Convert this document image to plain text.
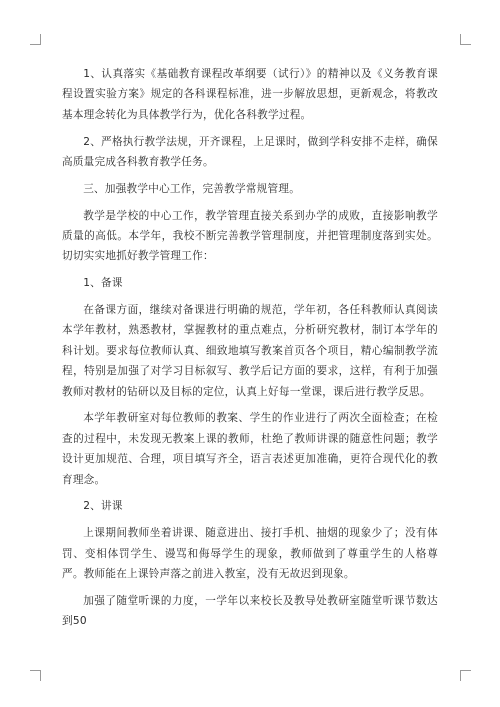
1、认真落实《基础教育课程改革纲要（试行）》的精神以及《义务教育课程设置实验方案》规定的各科课程标准，进一步解放思想，更新观念，将教改基本理念转化为具体教学行为，优化各科教学过程。

2、严格执行教学法规，开齐课程，上足课时，做到学科安排不走样，确保高质量完成各科教育教学任务。

三、加强教学中心工作，完善教学常规管理。

教学是学校的中心工作，教学管理直接关系到办学的成败，直接影响教学质量的高低。本学年，我校不断完善教学管理制度，并把管理制度落到实处。切切实实地抓好教学管理工作：

1、备课

在备课方面，继续对备课进行明确的规范，学年初，各任科教师认真阅读本学年教材，熟悉教材，掌握教材的重点难点，分析研究教材，制订本学年的科计划。要求每位教师认真、细致地填写教案首页各个项目，精心编制教学流程，特别是加强了对学习目标叙写、教学后记方面的要求，这样，有利于加强教师对教材的钻研以及目标的定位，认真上好每一堂课，课后进行教学反思。

本学年教研室对每位教师的教案、学生的作业进行了两次全面检查；在检查的过程中，未发现无教案上课的教师，杜绝了教师讲课的随意性问题；教学设计更加规范、合理，项目填写齐全，语言表述更加准确，更符合现代化的教育理念。

2、讲课

上课期间教师坐着讲课、随意进出、接打手机、抽烟的现象少了；没有体罚、变相体罚学生、谩骂和侮辱学生的现象，教师做到了尊重学生的人格尊严。教师能在上课铃声落之前进入教室，没有无故迟到现象。

加强了随堂听课的力度，一学年以来校长及教导处教研室随堂听课节数达到50
